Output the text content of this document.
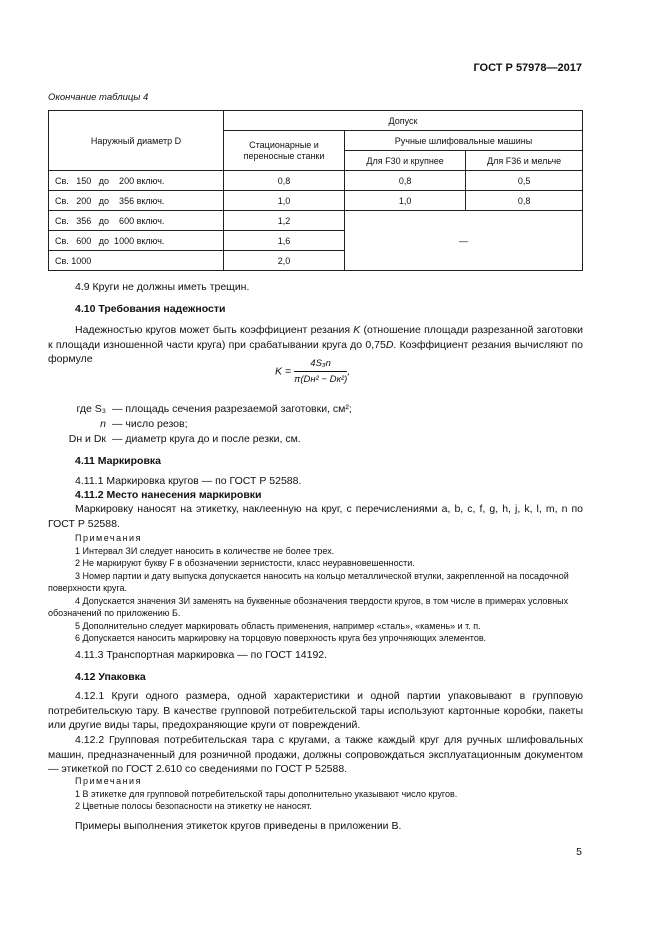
ГОСТ Р 57978—2017
Окончание таблицы 4
Наружный диаметр D	Допуск		
	Стационарные и переносные станки	Ручные шлифовальные машины	
		Для F30 и крупнее	Для F36 и мельче
Св.   150   до    200 включ.	0,8	0,8	0,5
Св.   200   до    356 включ.	1,0	1,0	0,8
Св.   356   до    600 включ.	1,2	—	
Св.   600   до  1000 включ.	1,6		
Св. 1000	2,0		
4.9 Круги не должны иметь трещин.
4.10 Требования надежности
Надежностью кругов может быть коэффициент резания K (отношение площади разрезанной заготовки к площади изношенной части круга) при срабатывании круга до 0,75D. Коэффициент резания вычисляют по формуле
$K = \frac{\text{4S₃n}}{\text{π(Dн² − Dк²)}}$ ,
где S₃ — площадь сечения разрезаемой заготовки, см²;
n — число резов;
Dн и Dк — диаметр круга до и после резки, см.
4.11 Маркировка
4.11.1 Маркировка кругов — по ГОСТ Р 52588.
4.11.2 Место нанесения маркировки
Маркировку наносят на этикетку, наклеенную на круг, с перечислениями a, b, c, f, g, h, j, k, l, m, n по ГОСТ Р 52588.
Примечания
1 Интервал ЗИ следует наносить в количестве не более трех.
2 Не маркируют букву F в обозначении зернистости, класс неуравновешенности.
3 Номер партии и дату выпуска допускается наносить на кольцо металлической втулки, закрепленной на посадочной поверхности круга.
4 Допускается значения ЗИ заменять на буквенные обозначения твердости кругов, в том числе в примерах условных обозначений по приложению Б.
5 Дополнительно следует маркировать область применения, например «сталь», «камень» и т. п.
6 Допускается наносить маркировку на торцовую поверхность круга без упрочняющих элементов.
4.11.3 Транспортная маркировка — по ГОСТ 14192.
4.12 Упаковка
4.12.1 Круги одного размера, одной характеристики и одной партии упаковывают в групповую потребительскую тару. В качестве групповой потребительской тары используют картонные коробки, пакеты или другие виды тары, предохраняющие круги от повреждений.
4.12.2 Групповая потребительская тара с кругами, а также каждый круг для ручных шлифовальных машин, предназначенный для розничной продажи, должны сопровождаться эксплуатационным документом — этикеткой по ГОСТ 2.610 со сведениями по ГОСТ Р 52588.
Примечания
1 В этикетке для групповой потребительской тары дополнительно указывают число кругов.
2 Цветные полосы безопасности на этикетку не наносят.
Примеры выполнения этикеток кругов приведены в приложении В.
5
